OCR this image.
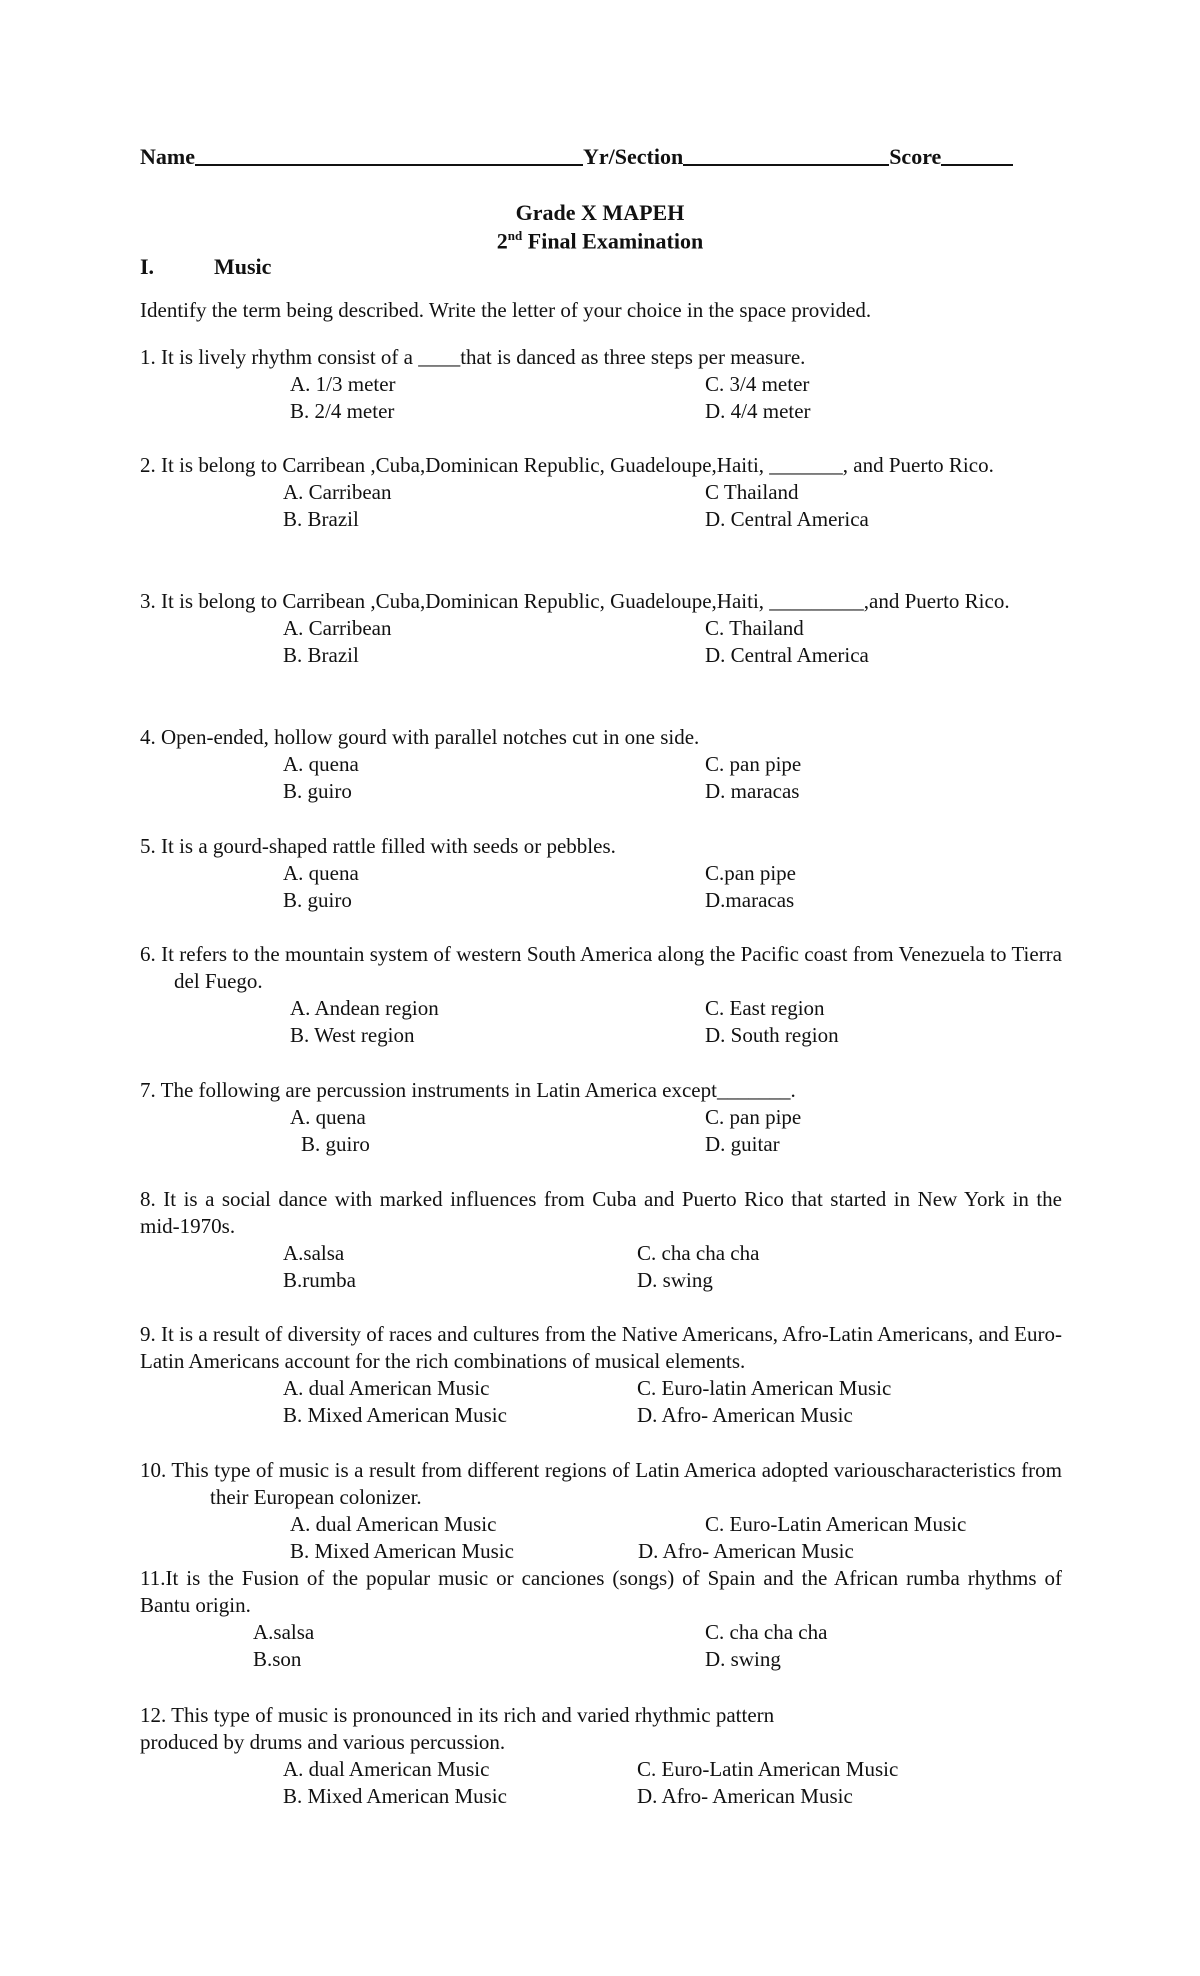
Name	Yr/Section	Score
Grade X MAPEH
2nd Final Examination
I.	Music
Identify the term being described. Write the letter of your choice in the space provided.
1. It is lively rhythm consist of a ____that is danced as three steps per measure.
A. 1/3 meter	C. 3/4 meter
B. 2/4 meter	D. 4/4 meter
2. It is belong to Carribean ,Cuba,Dominican Republic, Guadeloupe,Haiti, _______, and Puerto Rico.
A. Carribean	C Thailand
B. Brazil	D. Central America
3. It is belong to Carribean ,Cuba,Dominican Republic, Guadeloupe,Haiti, _________,and Puerto Rico.
A. Carribean	C. Thailand
B. Brazil	D. Central America
4. Open-ended, hollow gourd with parallel notches cut in one side.
A. quena	C. pan pipe
B. guiro	D. maracas
5. It is a gourd-shaped rattle filled with seeds or pebbles.
A. quena	C.pan pipe
B. guiro	D.maracas
6. It refers to the mountain system of western South America along the Pacific coast from Venezuela to Tierra del Fuego.
A. Andean region	C. East region
B. West region	D. South region
7. The following are percussion instruments in Latin America except_______.
A. quena	C. pan pipe
B. guiro	D. guitar
8. It is a social dance with marked influences from Cuba and Puerto Rico that started in New York in the mid-1970s.
A.salsa	C. cha cha cha
B.rumba	D. swing
9. It is a result of diversity of races and cultures from the Native Americans, Afro-Latin Americans, and Euro-Latin Americans account for the rich combinations of musical elements.
A. dual American Music	C. Euro-latin American Music
B. Mixed American Music	D. Afro- American Music
10. This type of music is a result from different regions of Latin America adopted variouscharacteristics from their European colonizer.
A. dual American Music	C. Euro-Latin American Music
B. Mixed American Music	D. Afro- American Music
11.It is the Fusion of the popular music or canciones (songs) of Spain and the African rumba rhythms of Bantu origin.
A.salsa	C. cha cha cha
B.son	D. swing
12. This type of music is pronounced in its rich and varied rhythmic pattern
produced by drums and various percussion.
A. dual American Music	C. Euro-Latin American Music
B. Mixed American Music	D. Afro- American Music
